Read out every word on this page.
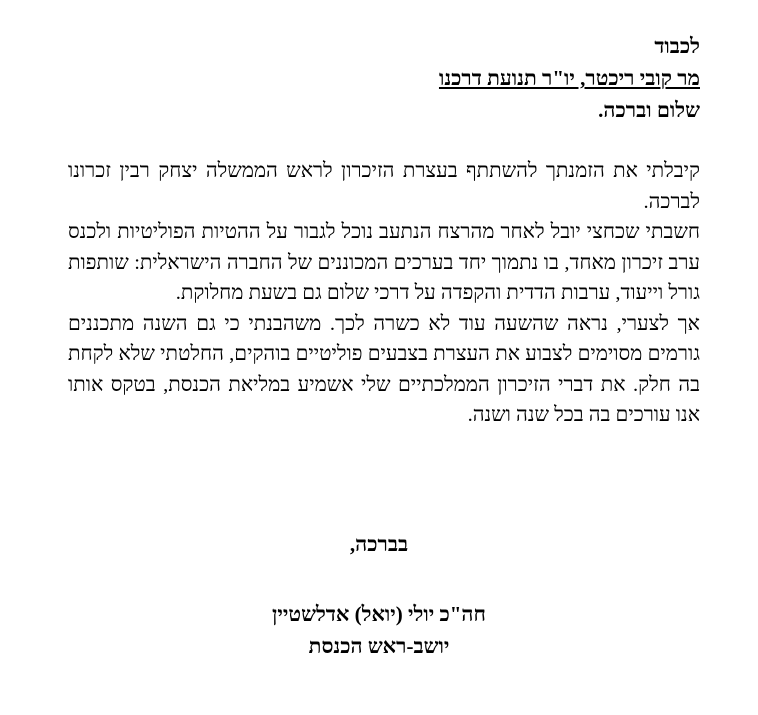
לכבוד
מר קובי ריכטר, יו"ר תנועת דרכנו
שלום וברכה.

קיבלתי את הזמנתך להשתתף בעצרת הזיכרון לראש הממשלה יצחק רבין זכרונו לברכה.

חשבתי שכחצי יובל לאחר מהרצח הנתעב נוכל לגבור על ההטיות הפוליטיות ולכנס ערב זיכרון מאחד, בו נתמוך יחד בערכים המכוננים של החברה הישראלית: שותפות גורל וייעוד, ערבות הדדית והקפדה על דרכי שלום גם בשעת מחלוקת.

אך לצערי, נראה שהשעה עוד לא כשרה לכך. משהבנתי כי גם השנה מתכננים גורמים מסוימים לצבוע את העצרת בצבעים פוליטיים בוהקים, החלטתי שלא לקחת בה חלק. את דברי הזיכרון הממלכתיים שלי אשמיע במליאת הכנסת, בטקס אותו אנו עורכים בה בכל שנה ושנה.

בברכה,
חה"כ יולי (יואל) אדלשטיין
יושב-ראש הכנסת
